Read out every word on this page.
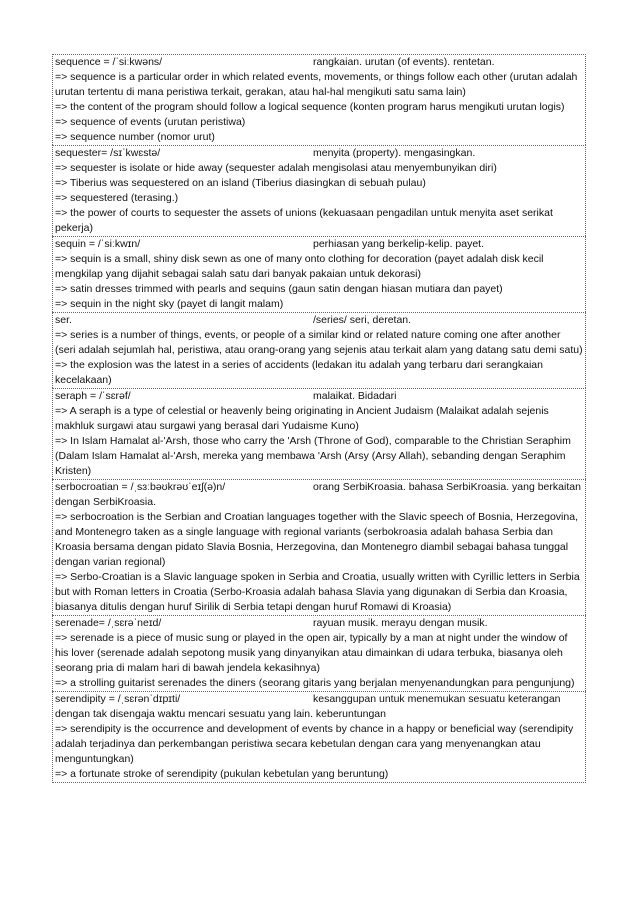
sequence = /ˈsiːkwəns/	rangkaian. urutan (of events). rentetan.
=> sequence is a particular order in which related events, movements, or things follow each other (urutan adalah urutan tertentu di mana peristiwa terkait, gerakan, atau hal-hal mengikuti satu sama lain)
=> the content of the program should follow a logical sequence (konten program harus mengikuti urutan logis)
=> sequence of events (urutan peristiwa)
=> sequence number (nomor urut)
sequester= /sɪˈkwɛstə/	menyita (property). mengasingkan.
=> sequester is isolate or hide away (sequester adalah mengisolasi atau menyembunyikan diri)
=> Tiberius was sequestered on an island (Tiberius diasingkan di sebuah pulau)
=> sequestered (terasing.)
=> the power of courts to sequester the assets of unions (kekuasaan pengadilan untuk menyita aset serikat pekerja)
sequin = /ˈsiːkwɪn/	perhiasan yang berkelip-kelip. payet.
=> sequin is a small, shiny disk sewn as one of many onto clothing for decoration (payet adalah disk kecil mengkilap yang dijahit sebagai salah satu dari banyak pakaian untuk dekorasi)
=> satin dresses trimmed with pearls and sequins (gaun satin dengan hiasan mutiara dan payet)
=> sequin in the night sky (payet di langit malam)
ser.	/series/ seri, deretan.
=> series is a number of things, events, or people of a similar kind or related nature coming one after another (seri adalah sejumlah hal, peristiwa, atau orang-orang yang sejenis atau terkait alam yang datang satu demi satu)
=> the explosion was the latest in a series of accidents (ledakan itu adalah yang terbaru dari serangkaian kecelakaan)
seraph = /ˈsɛrəf/	malaikat. Bidadari
=> A seraph is a type of celestial or heavenly being originating in Ancient Judaism (Malaikat adalah sejenis makhluk surgawi atau surgawi yang berasal dari Yudaisme Kuno)
=> In Islam Hamalat al-'Arsh, those who carry the 'Arsh (Throne of God), comparable to the Christian Seraphim (Dalam Islam Hamalat al-'Arsh, mereka yang membawa 'Arsh (Arsy (Arsy Allah), sebanding dengan Seraphim Kristen)
serbocroatian = /ˌsɜːbəʊkrəʊˈeɪʃ(ə)n/	orang SerbiKroasia. bahasa SerbiKroasia. yang berkaitan dengan SerbiKroasia.
=> serbocroation is the Serbian and Croatian languages together with the Slavic speech of Bosnia, Herzegovina, and Montenegro taken as a single language with regional variants (serbokroasia adalah bahasa Serbia dan Kroasia bersama dengan pidato Slavia Bosnia, Herzegovina, dan Montenegro diambil sebagai bahasa tunggal dengan varian regional)
=> Serbo-Croatian is a Slavic language spoken in Serbia and Croatia, usually written with Cyrillic letters in Serbia but with Roman letters in Croatia (Serbo-Kroasia adalah bahasa Slavia yang digunakan di Serbia dan Kroasia, biasanya ditulis dengan huruf Sirilik di Serbia tetapi dengan huruf Romawi di Kroasia)
serenade= /ˌsɛrəˈneɪd/	rayuan musik. merayu dengan musik.
=> serenade is a piece of music sung or played in the open air, typically by a man at night under the window of his lover (serenade adalah sepotong musik yang dinyanyikan atau dimainkan di udara terbuka, biasanya oleh seorang pria di malam hari di bawah jendela kekasihnya)
=> a strolling guitarist serenades the diners (seorang gitaris yang berjalan menyenandungkan para pengunjung)
serendipity = /ˌsɛrənˈdɪpɪti/	kesanggupan untuk menemukan sesuatu keterangan dengan tak disengaja waktu mencari sesuatu yang lain. keberuntungan
=> serendipity is the occurrence and development of events by chance in a happy or beneficial way (serendipity adalah terjadinya dan perkembangan peristiwa secara kebetulan dengan cara yang menyenangkan atau menguntungkan)
=> a fortunate stroke of serendipity (pukulan kebetulan yang beruntung)
